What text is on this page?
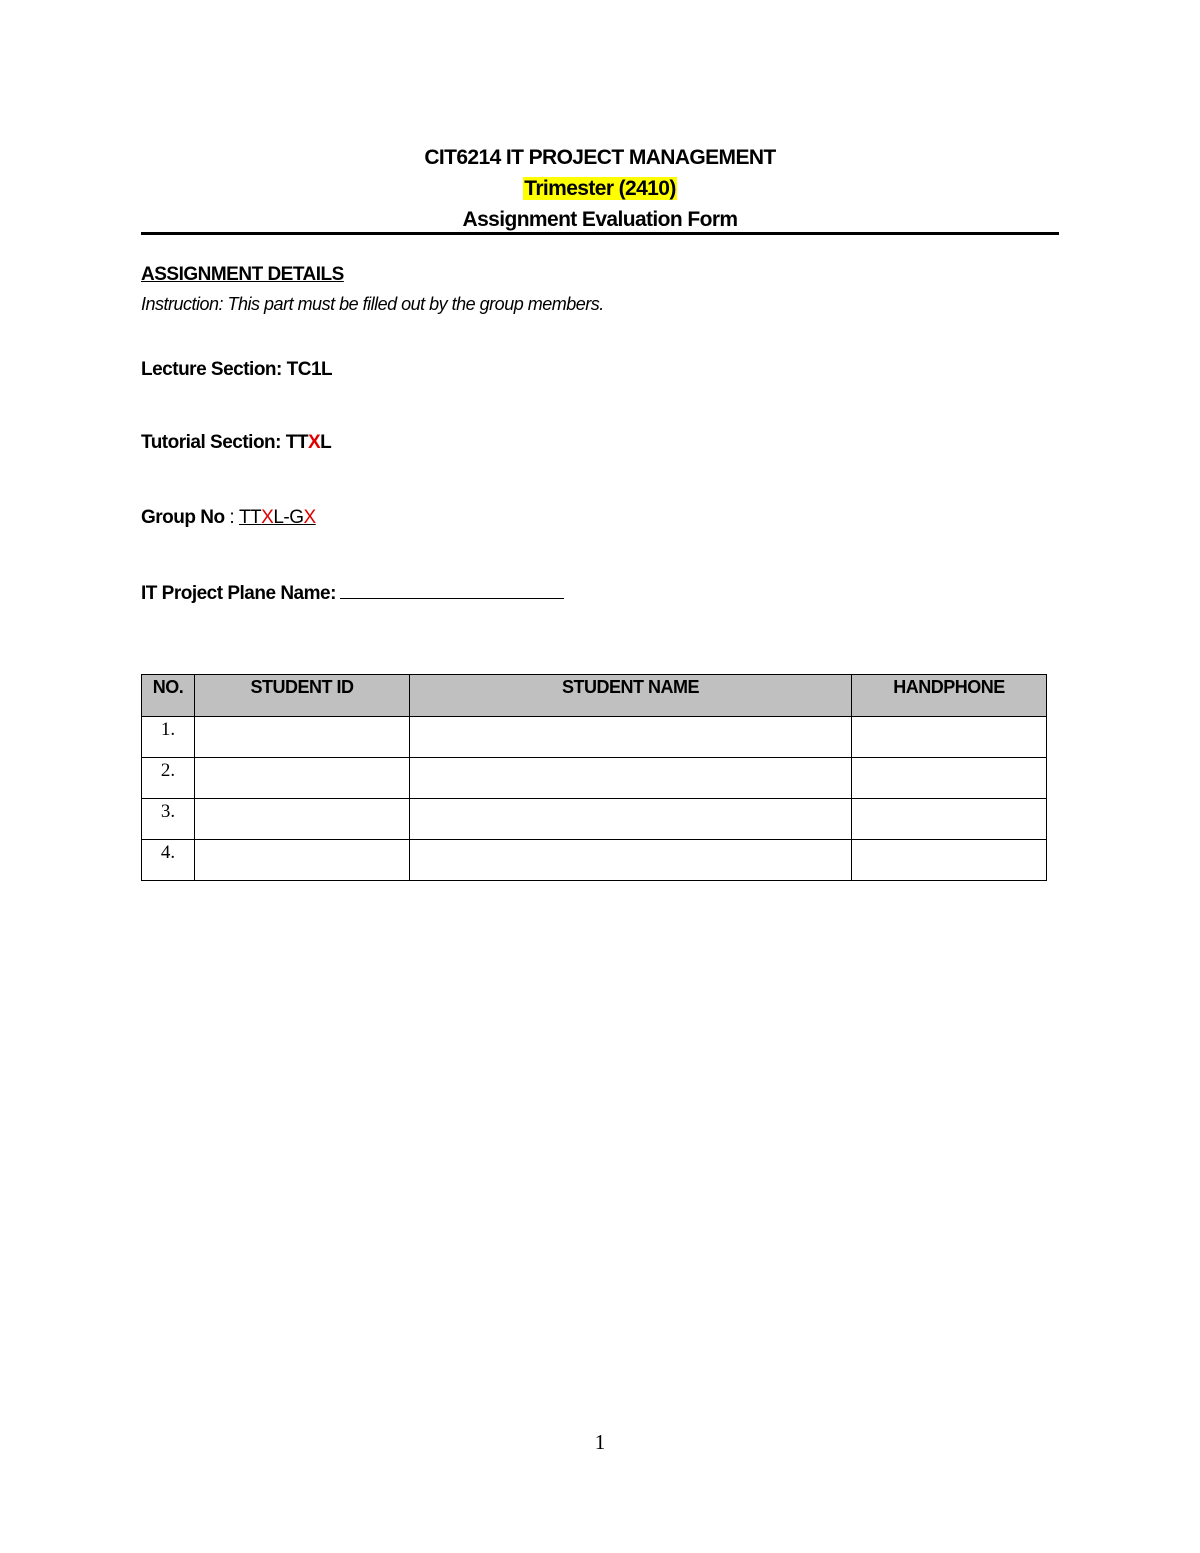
CIT6214 IT PROJECT MANAGEMENT
Trimester (2410)
Assignment Evaluation Form
ASSIGNMENT DETAILS
Instruction: This part must be filled out by the group members.
Lecture Section: TC1L
Tutorial Section: TTXL
Group No : TTXL-GX
IT Project Plane Name:
NO.	STUDENT ID	STUDENT NAME	HANDPHONE
1.			
2.			
3.			
4.			
1
